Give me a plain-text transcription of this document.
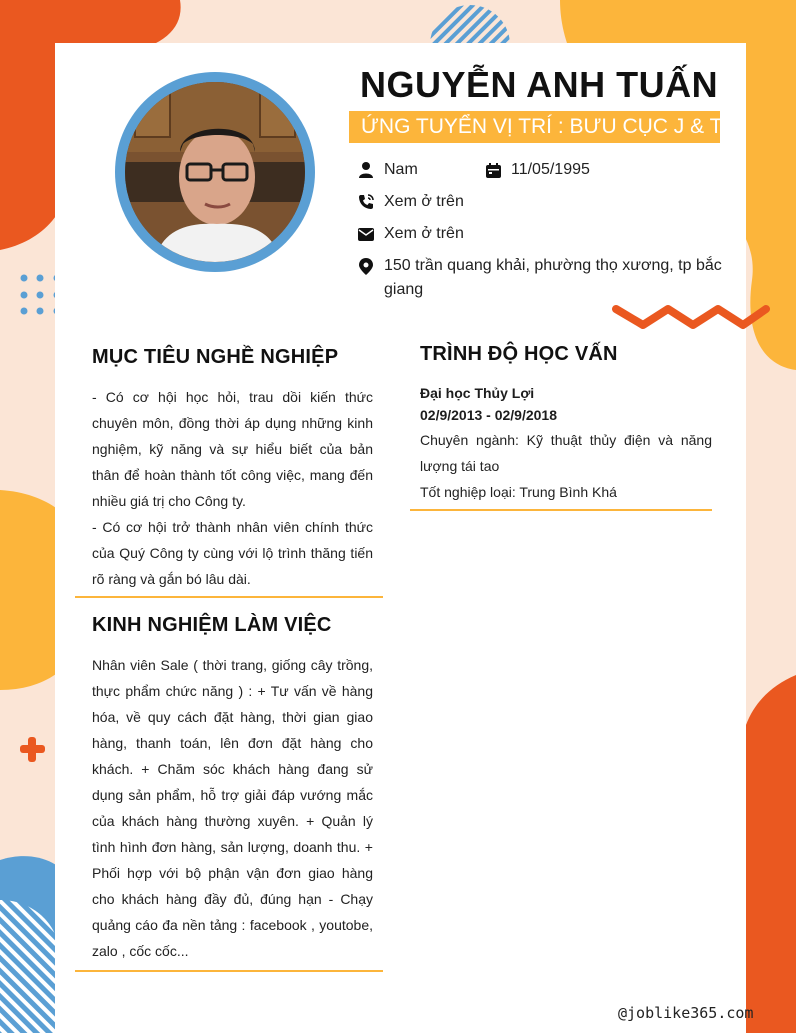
NGUYỄN ANH TUẤN
ỨNG TUYỂN VỊ TRÍ : BƯU CỤC J & T
Nam	11/05/1995
Xem ở trên
Xem ở trên
150 trần quang khải, phường thọ xương, tp bắc
giang
MỤC TIÊU NGHỀ NGHIỆP

- Có cơ hội học hỏi, trau dồi kiến thức chuyên môn, đồng thời áp dụng những kinh nghiệm, kỹ năng và sự hiểu biết của bản thân để hoàn thành tốt công việc, mang đến nhiều giá trị cho Công ty.
- Có cơ hội trở thành nhân viên chính thức của Quý Công ty cùng với lộ trình thăng tiến rõ ràng và gắn bó lâu dài.

KINH NGHIỆM LÀM VIỆC

Nhân viên Sale ( thời trang, giống cây trồng, thực phẩm chức năng ) : + Tư vấn về hàng hóa, về quy cách đặt hàng, thời gian giao hàng, thanh toán, lên đơn đặt hàng cho khách. + Chăm sóc khách hàng đang sử dụng sản phẩm, hỗ trợ giải đáp vướng mắc của khách hàng thường xuyên. + Quản lý tình hình đơn hàng, sản lượng, doanh thu. + Phối hợp với bộ phận vận đơn giao hàng cho khách hàng đầy đủ, đúng hạn - Chạy quảng cáo đa nền tảng : facebook , youtobe, zalo , cốc cốc...

TRÌNH ĐỘ HỌC VẤN
Đại học Thủy Lợi
02/9/2013 - 02/9/2018

Chuyên ngành: Kỹ thuật thủy điện và năng lượng tái tao

Tốt nghiệp loại: Trung Bình Khá

@joblike365.com
